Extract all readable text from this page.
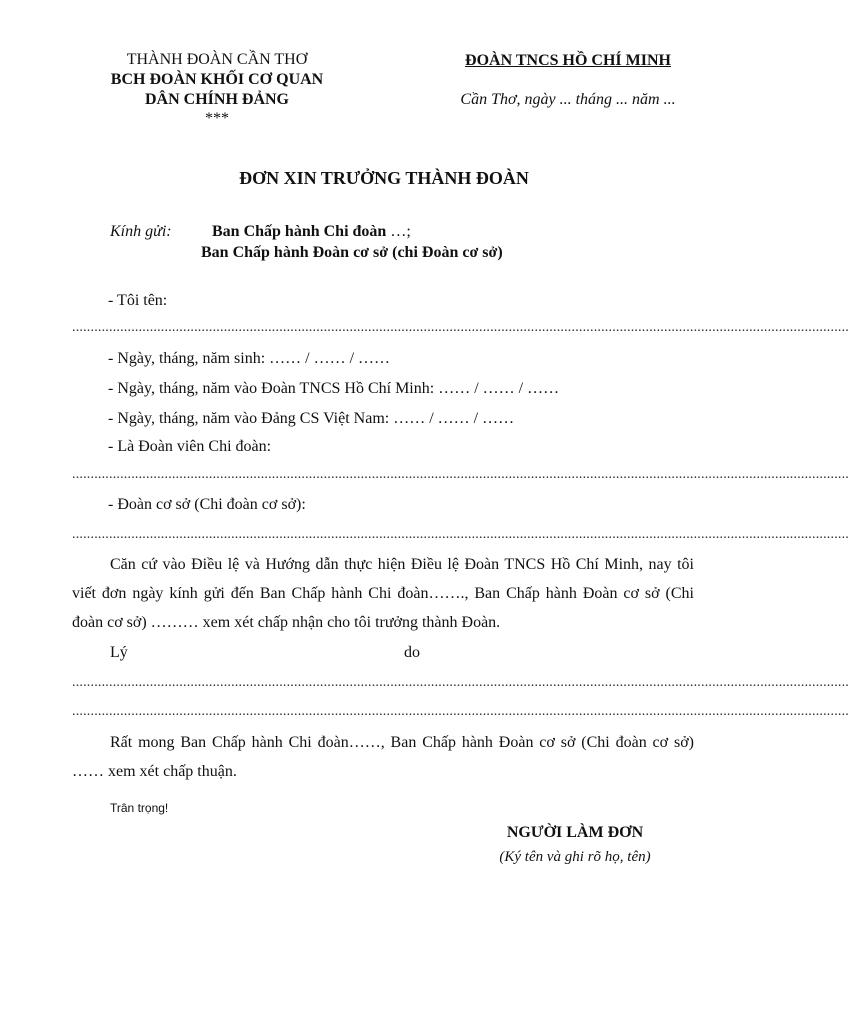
THÀNH ĐOÀN CẦN THƠ
BCH ĐOÀN KHỐI CƠ QUAN
DÂN CHÍNH ĐẢNG
***
ĐOÀN TNCS HỒ CHÍ MINH
Cần Thơ, ngày ... tháng ... năm ...
ĐƠN XIN TRƯỞNG THÀNH ĐOÀN
Kính gửi:	Ban Chấp hành Chi đoàn …;
Ban Chấp hành Đoàn cơ sở (chi Đoàn cơ sở)
- Tôi tên:
..................................................................................................................................................................................................................
- Ngày, tháng, năm sinh: …… / …… / ……
- Ngày, tháng, năm vào Đoàn TNCS Hồ Chí Minh: …… / …… / ……
- Ngày, tháng, năm vào Đảng CS Việt Nam: …… / …… / ……
- Là Đoàn viên Chi đoàn:
..................................................................................................................................................................................................................
- Đoàn cơ sở (Chi đoàn cơ sở):
..................................................................................................................................................................................................................
Căn cứ vào Điều lệ và Hướng dẫn thực hiện Điều lệ Đoàn TNCS Hồ Chí Minh, nay tôi viết đơn ngày kính gửi đến Ban Chấp hành Chi đoàn……., Ban Chấp hành Đoàn cơ sở (Chi đoàn cơ sở) ……… xem xét chấp nhận cho tôi trưởng thành Đoàn.
Lý	do
..................................................................................................................................................................................................................
..................................................................................................................................................................................................................
Rất mong Ban Chấp hành Chi đoàn……, Ban Chấp hành Đoàn cơ sở (Chi đoàn cơ sở) …… xem xét chấp thuận.
Trân trọng!
NGƯỜI LÀM ĐƠN
(Ký tên và ghi rõ họ, tên)
